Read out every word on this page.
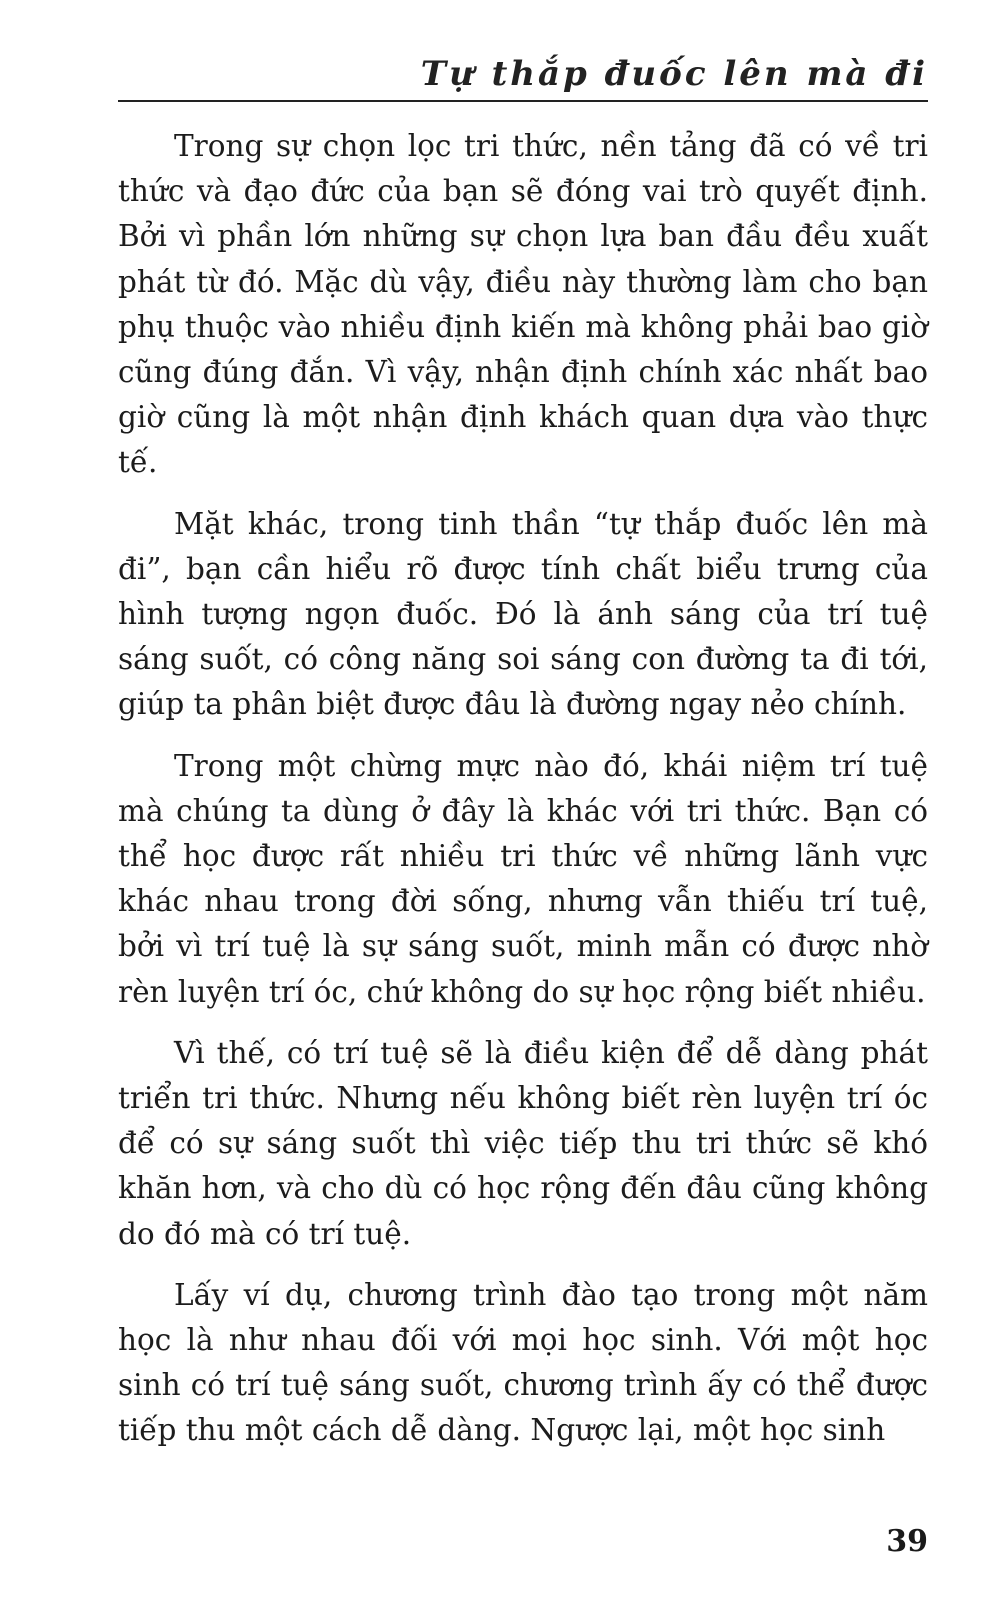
Tự thắp đuốc lên mà đi

Trong sự chọn lọc tri thức, nền tảng đã có về tri thức và đạo đức của bạn sẽ đóng vai trò quyết định. Bởi vì phần lớn những sự chọn lựa ban đầu đều xuất phát từ đó. Mặc dù vậy, điều này thường làm cho bạn phụ thuộc vào nhiều định kiến mà không phải bao giờ cũng đúng đắn. Vì vậy, nhận định chính xác nhất bao giờ cũng là một nhận định khách quan dựa vào thực tế.

Mặt khác, trong tinh thần “tự thắp đuốc lên mà đi”, bạn cần hiểu rõ được tính chất biểu trưng của hình tượng ngọn đuốc. Đó là ánh sáng của trí tuệ sáng suốt, có công năng soi sáng con đường ta đi tới, giúp ta phân biệt được đâu là đường ngay nẻo chính.

Trong một chừng mực nào đó, khái niệm trí tuệ mà chúng ta dùng ở đây là khác với tri thức. Bạn có thể học được rất nhiều tri thức về những lãnh vực khác nhau trong đời sống, nhưng vẫn thiếu trí tuệ, bởi vì trí tuệ là sự sáng suốt, minh mẫn có được nhờ rèn luyện trí óc, chứ không do sự học rộng biết nhiều.

Vì thế, có trí tuệ sẽ là điều kiện để dễ dàng phát triển tri thức. Nhưng nếu không biết rèn luyện trí óc để có sự sáng suốt thì việc tiếp thu tri thức sẽ khó khăn hơn, và cho dù có học rộng đến đâu cũng không do đó mà có trí tuệ.

Lấy ví dụ, chương trình đào tạo trong một năm học là như nhau đối với mọi học sinh. Với một học sinh có trí tuệ sáng suốt, chương trình ấy có thể được tiếp thu một cách dễ dàng. Ngược lại, một học sinh

39
